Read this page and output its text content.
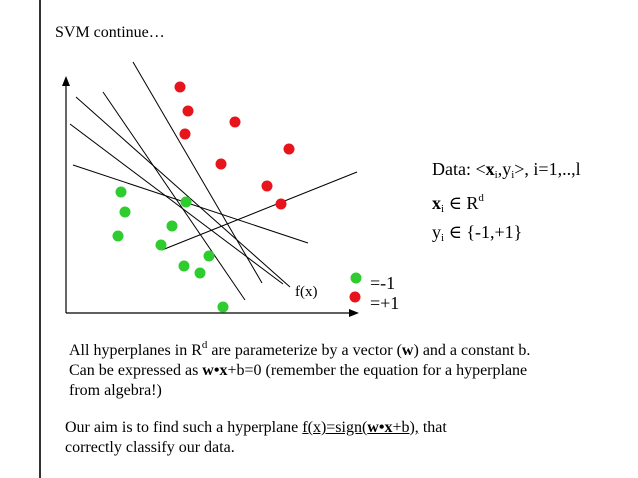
SVM continue…
f(x)	=-1
=+1
Data: $<x_i,y_i>$, i=1,..,l
$x_i$ ∈ $R^d$
$y_i$ ∈ {-1,+1}
All hyperplanes in $R^d$ are parameterize by a vector (w) and a constant b.
Can be expressed as w•x+b=0 (remember the equation for a hyperplane
from algebra!)
Our aim is to find such a hyperplane f(x)=sign(w•x+b), that
correctly classify our data.
